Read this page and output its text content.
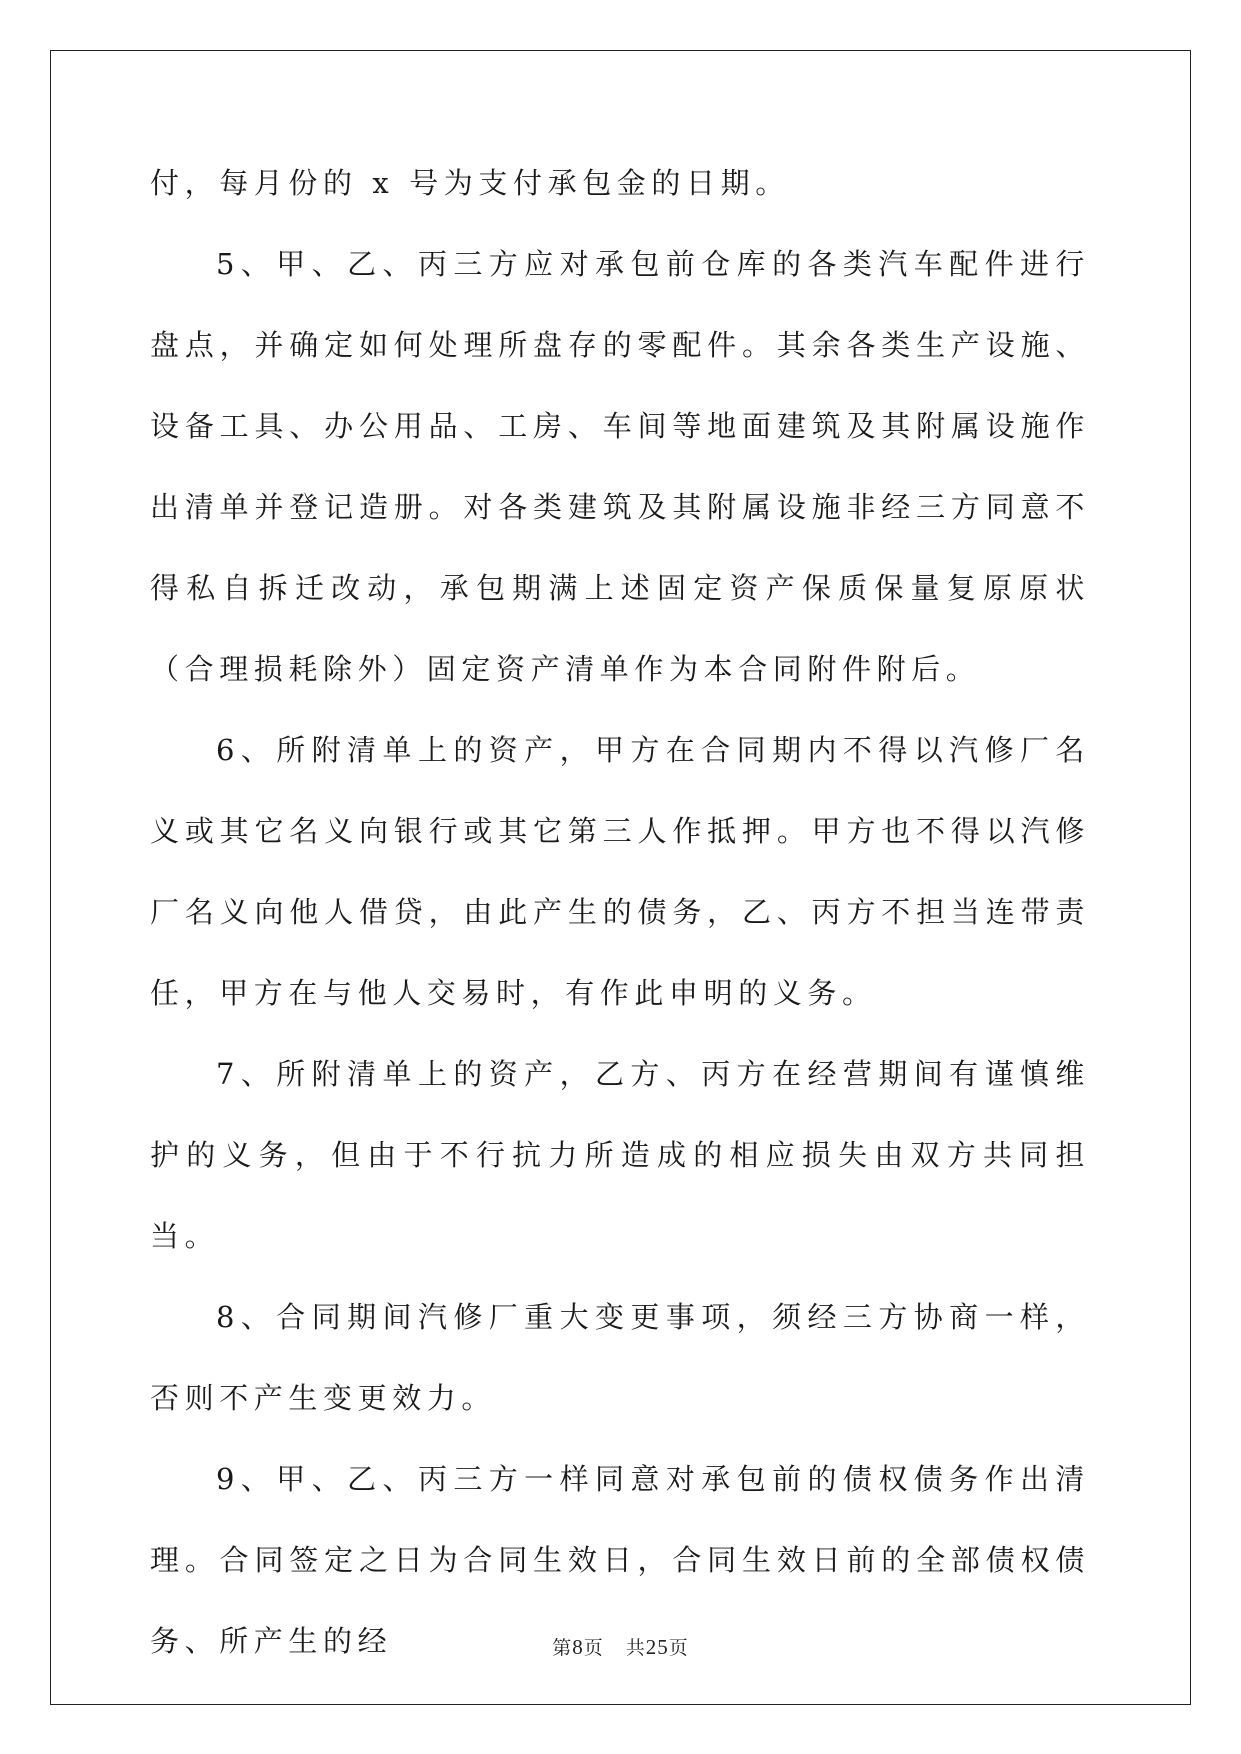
付，每月份的 x 号为支付承包金的日期。

5、甲、乙、丙三方应对承包前仓库的各类汽车配件进行盘点，并确定如何处理所盘存的零配件。其余各类生产设施、设备工具、办公用品、工房、车间等地面建筑及其附属设施作出清单并登记造册。对各类建筑及其附属设施非经三方同意不得私自拆迁改动，承包期满上述固定资产保质保量复原原状（合理损耗除外）固定资产清单作为本合同附件附后。

6、所附清单上的资产，甲方在合同期内不得以汽修厂名义或其它名义向银行或其它第三人作抵押。甲方也不得以汽修厂名义向他人借贷，由此产生的债务，乙、丙方不担当连带责任，甲方在与他人交易时，有作此申明的义务。

7、所附清单上的资产，乙方、丙方在经营期间有谨慎维护的义务，但由于不行抗力所造成的相应损失由双方共同担当。

8、合同期间汽修厂重大变更事项，须经三方协商一样，否则不产生变更效力。

9、甲、乙、丙三方一样同意对承包前的债权债务作出清理。合同签定之日为合同生效日，合同生效日前的全部债权债务、所产生的经	第8页 共25页
